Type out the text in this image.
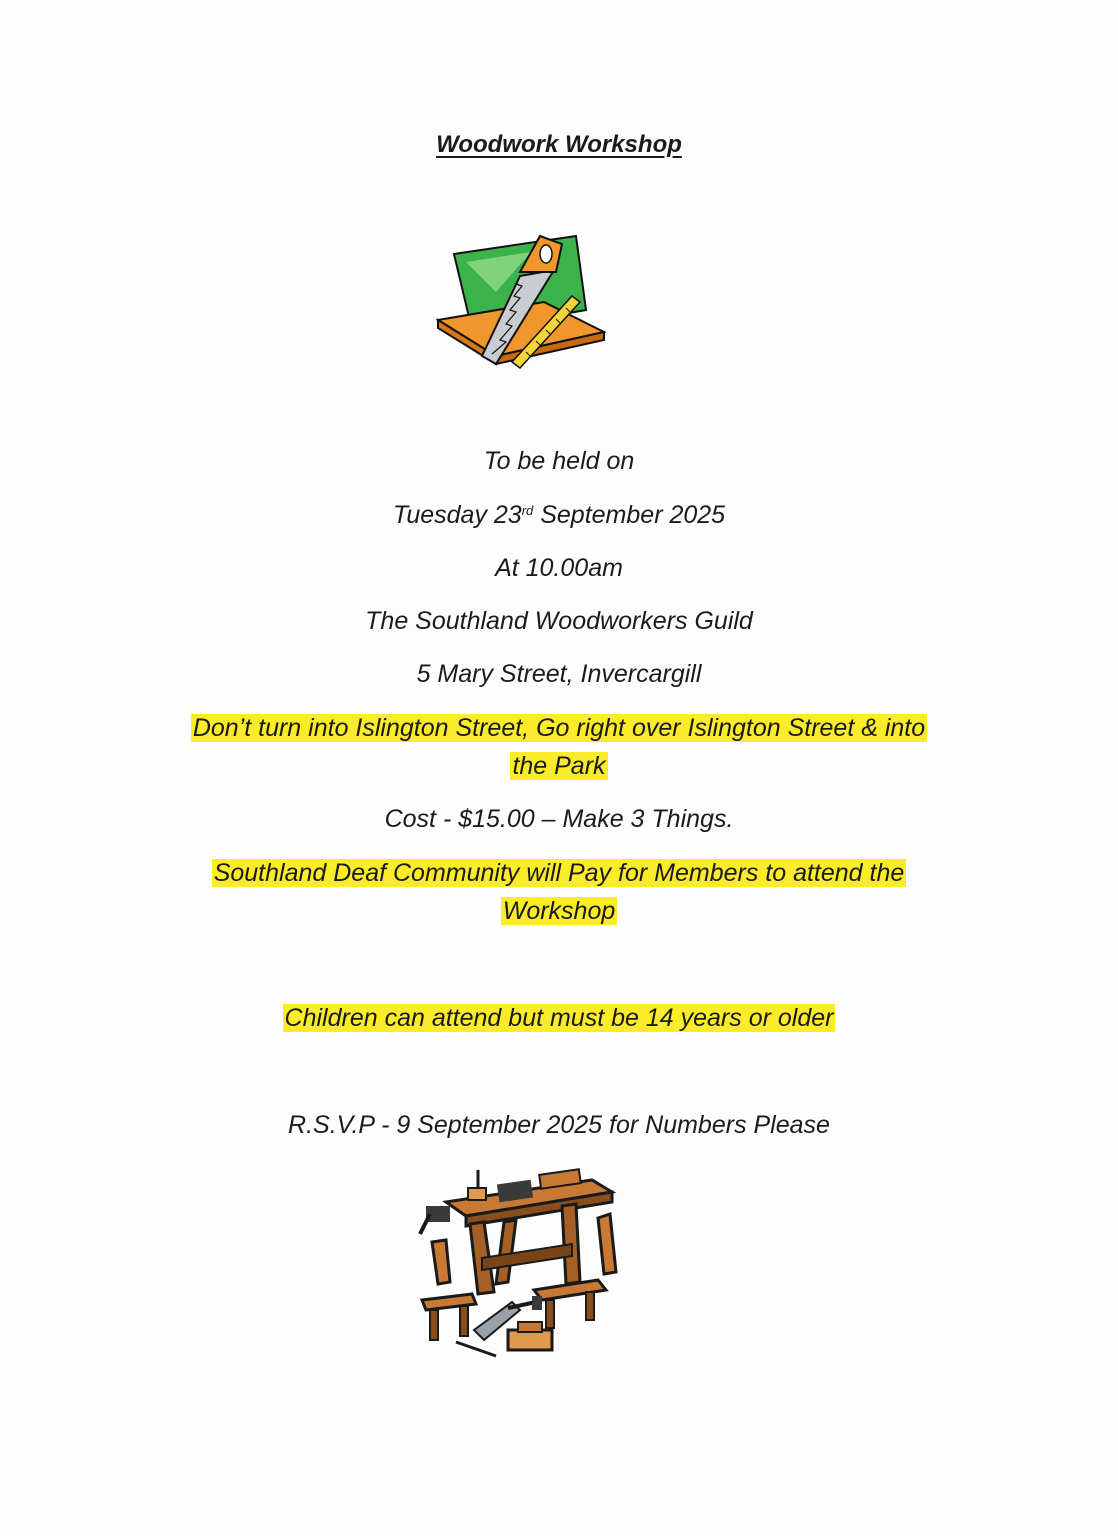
Woodwork Workshop
To be held on
Tuesday 23rd September 2025
At 10.00am
The Southland Woodworkers Guild
5 Mary Street, Invercargill
Don’t turn into Islington Street, Go right over Islington Street & into
the Park
Cost - $15.00 – Make 3 Things.
Southland Deaf Community will Pay for Members to attend the
Workshop
Children can attend but must be 14 years or older
R.S.V.P - 9 September 2025 for Numbers Please
